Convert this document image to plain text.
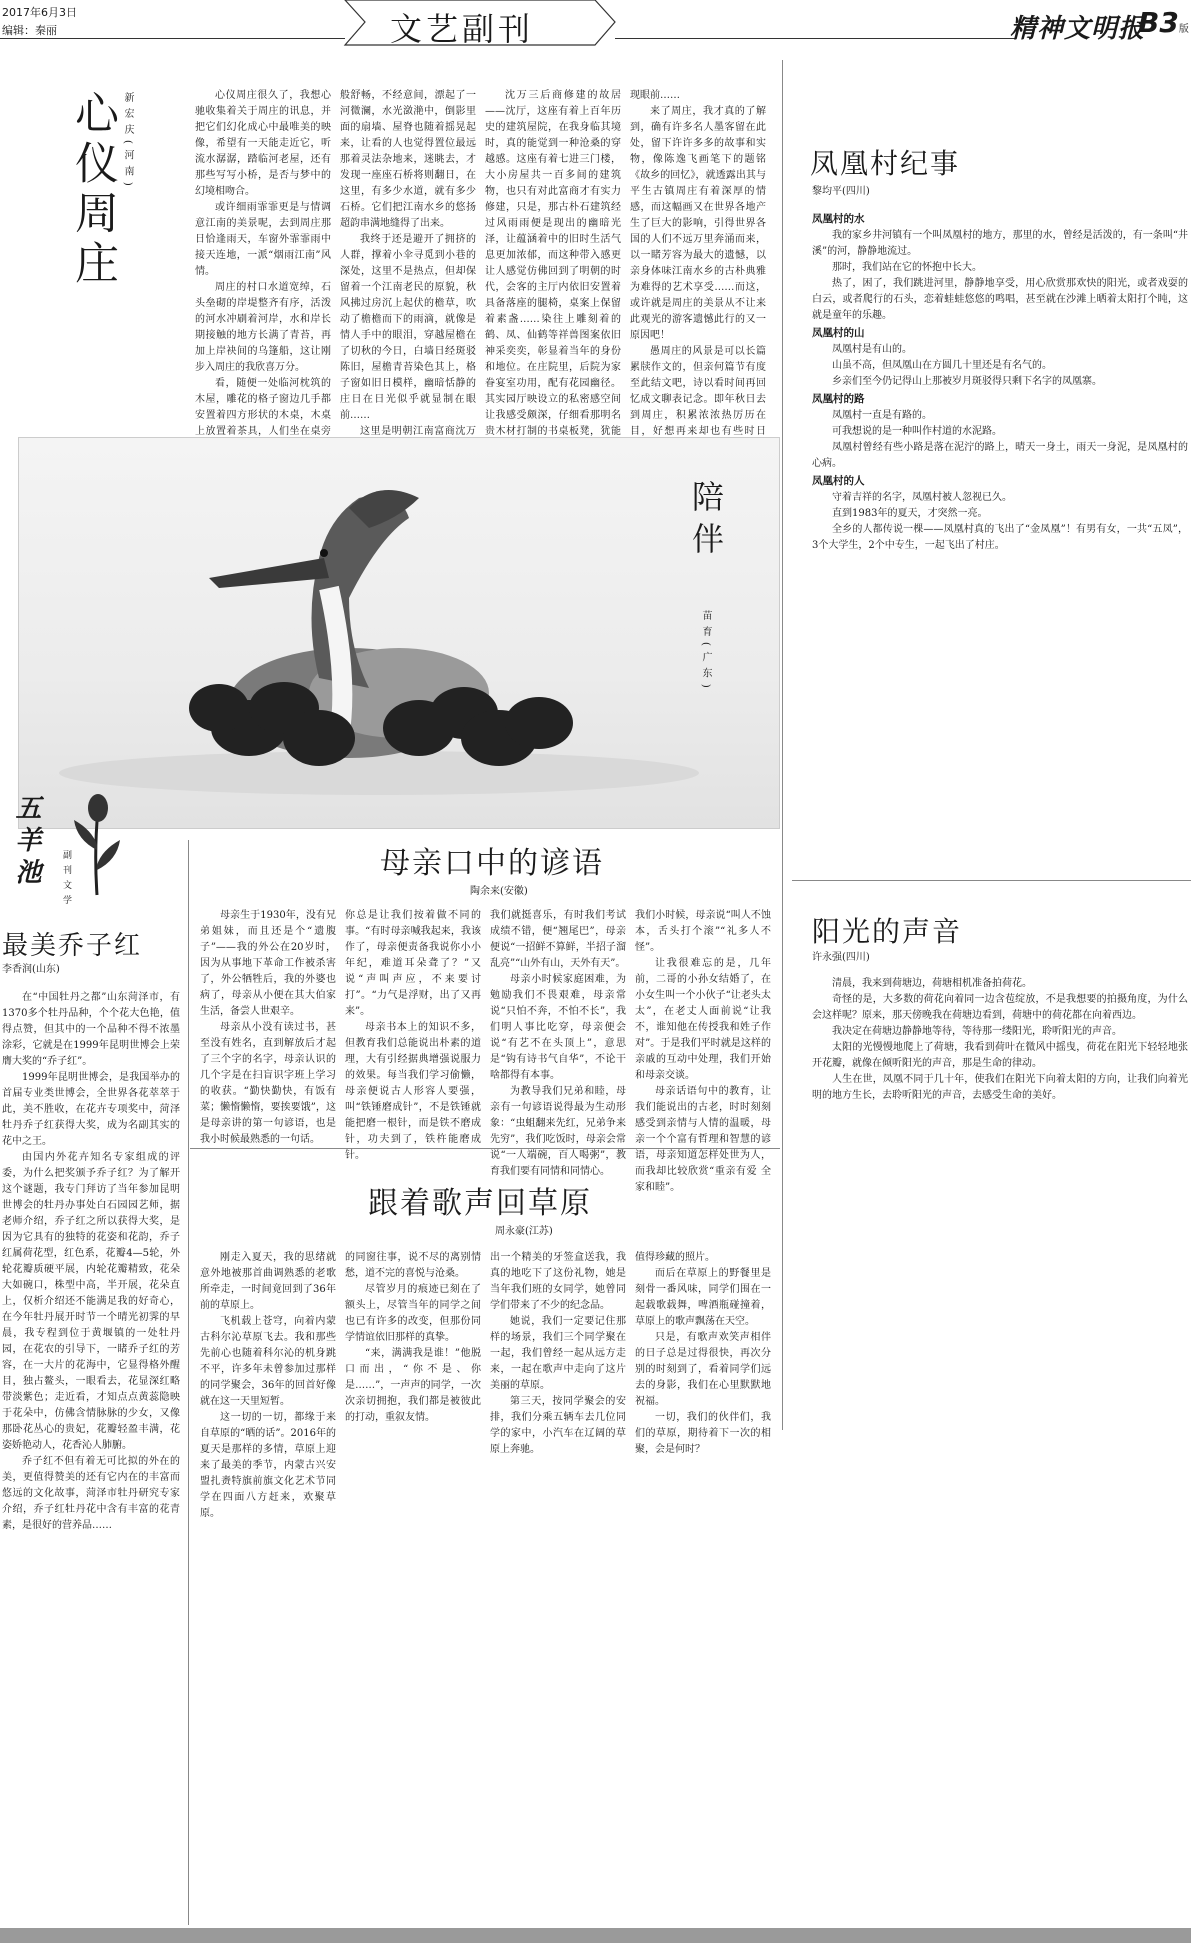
2017年6月3日
编辑：秦丽	文艺副刊	精神文明报
B3版
心仪周庄 新宏庆(河南)	心仪周庄很久了，我想心驰收集着关于周庄的讯息，并把它们幻化成心中最唯美的映像，希望有一天能走近它，听流水潺潺，踏临河老屋，还有那些写写小桥，是否与梦中的幻境相吻合。

或许细雨霏霏更是与情调意江南的美景呢，去到周庄那日恰逢雨天，车窗外霏霏雨中接天连地，一派“烟雨江南”风情。

周庄的村口水道宽绰，石头垒砌的岸堤整齐有序，活泼的河水冲刷着河岸，水和岸长期接触的地方长满了青苔，再加上岸袂间的乌篷船，这让刚步入周庄的我欣喜万分。

看，随便一处临河枕筑的木屋，雕花的格子窗边几手都安置着四方形状的木桌，木桌上放置着茶具，人们坐在桌旁

般舒畅，不经意间，漂起了一河微澜，水光潋滟中，倒影里面的扇墙、屋脊也随着摇晃起来，让看的人也觉得置位最远那着灵法杂地来，迷眺去，才发现一座座石桥将则翻日，在这里，有多少水道，就有多少石桥。它们把江南水乡的悠扬超韵串满地缝得了出来。

我终于还是避开了拥挤的人群，撑着小伞寻觅到小巷的深处，这里不是热点，但却保留着一个江南老民的原貌，秋风拂过房沉上起伏的檐草，吹动了檐檐而下的雨滴，就像是情人手中的眼泪，穿越屋檐在了切秋的今日，白墙日经斑驳陈旧，屋檐青苔染色其上，格子窗如旧日模样，幽暗恬静的庄日在日光似乎就显制在眼前……

这里是明朝江南富商沈万

沈万三后商修建的故居——沈厅，这座有着上百年历史的建筑屋院，在我身临其境时，真的能觉到一种沧桑的穿越感。这座有着七进三门楼，大小房屋共一百多间的建筑物，也只有对此富商才有实力修建，只是，那古朴石建筑经过风雨雨便是现出的幽暗光泽，让蕴涵着中的旧时生活气息更加浓郁，而这种带入感更让人感觉仿佛回到了明朝的时代，会客的主厅内依旧安置着具备落座的腿椅，桌案上保留着素盏……染往上雕刻着的鹤、凤、仙鹤等祥兽图案依旧神采奕奕，彰显着当年的身份和地位。在庄院里，后院为家眷宴室功用，配有花园幽径。其实园厅映设立的私密感空间让我感受颇深，仔细看那明名贵木材打制的书桌板凳，犹能

现眼前……

来了周庄，我才真的了解到，确有许多名人墨客留在此处，留下许许多多的故事和实物，像陈逸飞画笔下的题铭《故乡的回忆》，就透露出其与平生古镇周庄有着深厚的情感，而这幅画又在世界各地产生了巨大的影响，引得世界各国的人们不远万里奔涌而来，以一睹芳容为最大的遗憾，以亲身体味江南水乡的古朴典雅为难得的艺术享受……而这，或许就是周庄的美景从不让来此观光的游客遗憾此行的又一原因吧！

愚周庄的风景是可以长篇累牍作文的，但亲何篇节有度至此结文吧，诗以看时间再回忆成文聊表记念。即年秋日去到周庄，积累浓浓热厉历在目，好想再来却也有些时日

陪伴
苗育(广东)
五羊池 副刊文学
最美乔子红
李香润(山东)

在“中国牡丹之都”山东菏泽市，有1370多个牡丹品种，个个花大色艳，值得点赞，但其中的一个品种不得不浓墨涂彩，它就是在1999年昆明世博会上荣膺大奖的“乔子红”。

1999年昆明世博会，是我国举办的首届专业类世博会，全世界各花萃萃于此，美不胜收，在花卉专项奖中，菏泽牡丹乔子红获得大奖，成为名副其实的花中之王。

由国内外花卉知名专家组成的评委，为什么把奖颁予乔子红？为了解开这个谜题，我专门拜访了当年参加昆明世博会的牡丹办事处白石园园艺师，据老师介绍，乔子红之所以获得大奖，是因为它具有的独特的花姿和花韵，乔子红属荷花型，红色系，花瓣4—5轮，外轮花瓣质硬平展，内轮花瓣精致，花朵大如碗口，株型中高，半开展，花朵直上，仅析介绍还不能满足我的好奇心，在今年牡丹展开时节一个晴光初霁的早晨，我专程到位于黄堰镇的一处牡丹园，在花农的引导下，一睹乔子红的芳容，在一大片的花海中，它显得格外醒目，独占鳌头，一眼看去，花显深红略带淡紫色；走近看，才知点点黄蕊隐映于花朵中，仿佛含情脉脉的少女，又像那卧花丛心的贵妃，花瓣轻盈丰满，花姿娇艳动人，花香沁人肺腑。

乔子红不但有着无可比拟的外在的美，更值得赞美的还有它内在的丰富而悠远的文化故事，菏泽市牡丹研究专家介绍，乔子红牡丹花中含有丰富的花青素，是很好的营养品……

母亲口中的谚语
陶余来(安徽)

母亲生于1930年，没有兄弟姐妹，而且还是个“遗腹子”——我的外公在20岁时，因为从事地下革命工作被杀害了，外公牺牲后，我的外婆也病了，母亲从小便在其大伯家生活，备尝人世艰辛。

母亲从小没有读过书，甚至没有姓名，直到解放后才起了三个字的名字，母亲认识的几个字是在扫盲识字班上学习的收获。“勤快勤快，有饭有菜；懒惰懒惰，要挨要饿”，这是母亲讲的第一句谚语，也是我小时候最熟悉的一句话。

你总是让我们按着做不同的事。“有时母亲喊我起来，我该作了，母亲便责备我说你小小年纪，难道耳朵聋了？”又说“声叫声应，不来要讨打”。“力气是浮财，出了又再来”。

母亲书本上的知识不多，但教育我们总能说出朴素的道理，大有引经据典增强说服力的效果。每当我们学习偷懒，母亲便说古人形容人要强，叫“铁锤磨成针”，不是铁锤就能把磨一根针，而是铁不磨成针，功夫到了，铁杵能磨成针。

我们就挺喜乐，有时我们考试成绩不错，便“翘尾巴”，母亲便说“一招鲜不算鲜，半招子溜乱亮”“山外有山，天外有天”。

母亲小时候家庭困难，为勉励我们不畏艰难，母亲常说“只怕不奔，不怕不长”，我们明人事比吃穿，母亲便会说“有艺不在头顶上”，意思是“钩有诗书气自华”，不论干啥都得有本事。

为教导我们兄弟和睦，母亲有一句谚语说得最为生动形象：“虫蛆翻来先红，兄弟争来先穷”，我们吃饭时，母亲会常说“一人端碗，百人喝粥”，教育我们要有同情和同情心。

我们小时候，母亲说“叫人不蚀本，舌头打个滚”“礼多人不怪”。

让我很难忘的是，几年前，二哥的小孙女结婚了，在小女生叫一个小伙子“让老头太太”，在老丈人面前说“让我不，谁知他在传授我和姓子作对”。于是我们平时就是这样的亲戚的互动中处理，我们开始和母亲交谈。

母亲话语句中的教育，让我们能说出的古老，时时刻刻感受到亲情与人情的温暖，母亲一个个富有哲理和智慧的谚语，母亲知道怎样处世为人，而我却比较欣赏“重亲有爱 全家和睦”。

跟着歌声回草原
周永豪(江苏)

刚走入夏天，我的思绪就意外地被那首曲调熟悉的老歌所牵走，一时间竟回到了36年前的草原上。

飞机载上苍穹，向着内蒙古科尔沁草原飞去。我和那些先前心也随着科尔沁的机身跳不平，许多年未曾参加过那样的同学聚会，36年的回首好像就在这一天里短暂。

这一切的一切，都缘于来自草原的“晒的话”。2016年的夏天是那样的多情，草原上迎来了最美的季节，内蒙古兴安盟扎赉特旗前旗文化艺术节同学在四面八方赶来，欢聚草原。

的同窗往事，说不尽的离别情愁，道不完的喜悦与沧桑。

尽管岁月的痕迹已刻在了额头上，尽管当年的同学之间也已有许多的改变，但那份同学情谊依旧那样的真挚。

“来，满满我是谁！”他脱口而出，“你不是、你是……”，一声声的同学，一次次亲切拥抱，我们都是被彼此的打动，重叙友情。

出一个精美的牙签盒送我，我真的地吃下了这份礼物，她是当年我们班的女同学，她曾同学们带来了不少的纪念品。

她说，我们一定要记住那样的场景，我们三个同学聚在一起，我们曾经一起从远方走来，一起在歌声中走向了这片美丽的草原。

第三天，按同学聚会的安排，我们分乘五辆车去几位同学的家中，小汽车在辽阔的草原上奔驰。

值得珍藏的照片。

而后在草原上的野餐里是刻骨一番风味，同学们围在一起载歌载舞，啤酒瓶碰撞着，草原上的歌声飘荡在天空。

只是，有歌声欢笑声相伴的日子总是过得很快，再次分别的时刻到了，看着同学们远去的身影，我们在心里默默地祝福。

一切，我们的伙伴们，我们的草原，期待着下一次的相聚，会是何时？

凤凰村纪事
黎均平(四川)

凤凰村的水

我的家乡井河镇有一个叫凤凰村的地方，那里的水，曾经是活泼的，有一条叫“井溪”的河，静静地流过。

那时，我们站在它的怀抱中长大。

热了，困了，我们跳进河里，静静地享受，用心欣赏那欢快的阳光，或者戏耍的白云，或者爬行的石头，恋着蛙蛙悠悠的鸣唱，甚至就在沙滩上晒着太阳打个盹，这就是童年的乐趣。

凤凰村的山

凤凰村是有山的。

山虽不高，但凤凰山在方圆几十里还是有名气的。

乡亲们至今仍记得山上那被岁月斑驳得只剩下名字的凤凰寨。

凤凰村的路

凤凰村一直是有路的。

可我想说的是一种叫作村道的水泥路。

凤凰村曾经有些小路是落在泥泞的路上，晴天一身土，雨天一身泥，是凤凰村的心病。

凤凰村的人

守着吉祥的名字，凤凰村被人忽视已久。

直到1983年的夏天，才突然一亮。

全乡的人都传说一棵——凤凰村真的飞出了“金凤凰”！有男有女，一共“五凤”，3个大学生，2个中专生，一起飞出了村庄。

阳光的声音
许永强(四川)

清晨，我来到荷塘边，荷塘相机准备拍荷花。

奇怪的是，大多数的荷花向着同一边含苞绽放，不是我想要的拍摄角度，为什么会这样呢？原来，那天傍晚我在荷塘边看到，荷塘中的荷花都在向着西边。

我决定在荷塘边静静地等待，等待那一缕阳光，聆听阳光的声音。

太阳的光慢慢地爬上了荷塘，我看到荷叶在微风中摇曳，荷花在阳光下轻轻地张开花瓣，就像在倾听阳光的声音，那是生命的律动。

人生在世，凤凰不同于几十年，使我们在阳光下向着太阳的方向，让我们向着光明的地方生长，去聆听阳光的声音，去感受生命的美好。
